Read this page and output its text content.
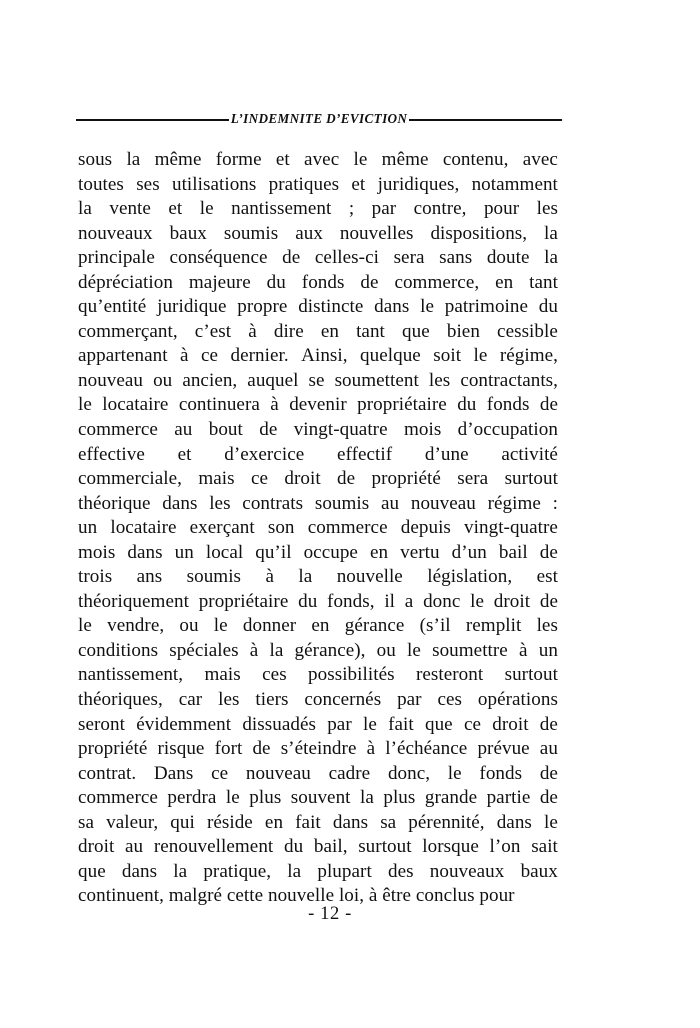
L’INDEMNITE D’EVICTION
sous la même forme et avec le même contenu, avec
toutes ses utilisations pratiques et juridiques, notamment
la vente et le nantissement ; par contre, pour les
nouveaux baux soumis aux nouvelles dispositions, la
principale conséquence de celles-ci sera sans doute la
dépréciation majeure du fonds de commerce, en tant
qu’entité juridique propre distincte dans le patrimoine du
commerçant, c’est à dire en tant que bien cessible
appartenant à ce dernier. Ainsi, quelque soit le régime,
nouveau ou ancien, auquel se soumettent les contractants,
le locataire continuera à devenir propriétaire du fonds de
commerce au bout de vingt-quatre mois d’occupation
effective et d’exercice effectif d’une activité
commerciale, mais ce droit de propriété sera surtout
théorique dans les contrats soumis au nouveau régime :
un locataire exerçant son commerce depuis vingt-quatre
mois dans un local qu’il occupe en vertu d’un bail de
trois ans soumis à la nouvelle législation, est
théoriquement propriétaire du fonds, il a donc le droit de
le vendre, ou le donner en gérance (s’il remplit les
conditions spéciales à la gérance), ou le soumettre à un
nantissement, mais ces possibilités resteront surtout
théoriques, car les tiers concernés par ces opérations
seront évidemment dissuadés par le fait que ce droit de
propriété risque fort de s’éteindre à l’échéance prévue au
contrat. Dans ce nouveau cadre donc, le fonds de
commerce perdra le plus souvent la plus grande partie de
sa valeur, qui réside en fait dans sa pérennité, dans le
droit au renouvellement du bail, surtout lorsque l’on sait
que dans la pratique, la plupart des nouveaux baux
continuent, malgré cette nouvelle loi, à être conclus pour
- 12 -
